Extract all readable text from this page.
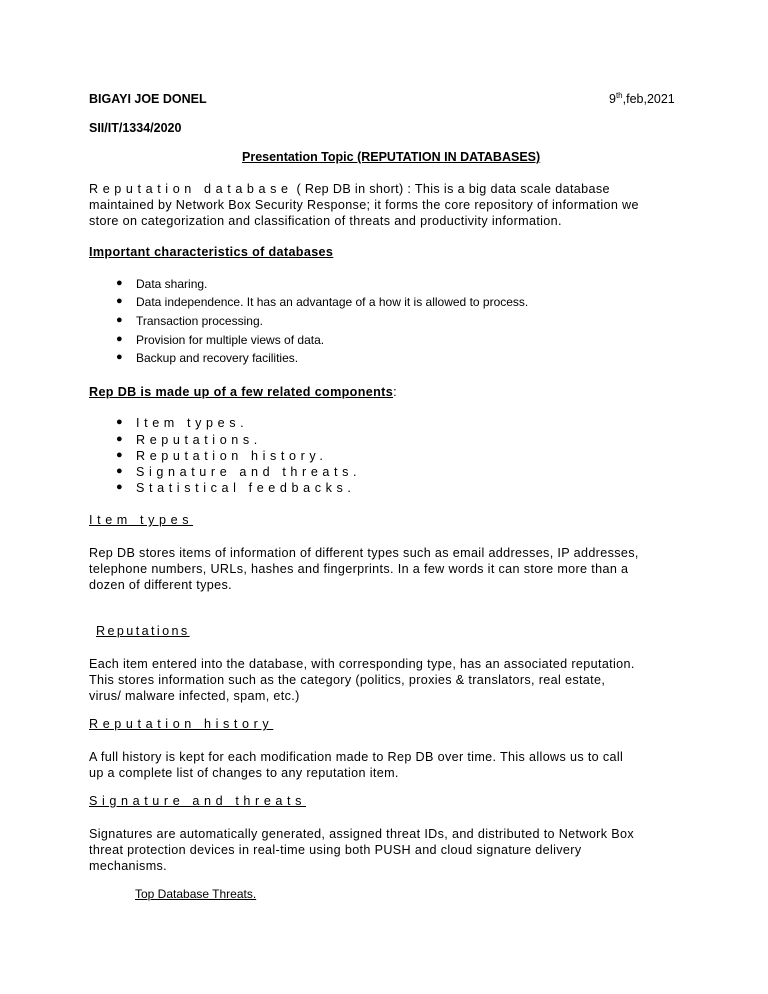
BIGAYI JOE DONEL	9th,feb,2021
SII/IT/1334/2020
Presentation Topic (REPUTATION IN DATABASES)
Reputation database ( Rep DB in short) : This is a big data scale database
maintained by Network Box Security Response; it forms the core repository of information we
store on categorization and classification of threats and productivity information.
Important characteristics of databases
● Data sharing.
● Data independence. It has an advantage of a how it is allowed to process.
● Transaction processing.
● Provision for multiple views of data.
● Backup and recovery facilities.
Rep DB is made up of a few related components:
● Item types.
● Reputations.
● Reputation history.
● Signature and threats.
● Statistical feedbacks.
Item types
Rep DB stores items of information of different types such as email addresses, IP addresses,
telephone numbers, URLs, hashes and fingerprints. In a few words it can store more than a
dozen of different types.
Reputations
Each item entered into the database, with corresponding type, has an associated reputation.
This stores information such as the category (politics, proxies & translators, real estate,
virus/ malware infected, spam, etc.)
Reputation history
A full history is kept for each modification made to Rep DB over time. This allows us to call
up a complete list of changes to any reputation item.
Signature and threats
Signatures are automatically generated, assigned threat IDs, and distributed to Network Box
threat protection devices in real-time using both PUSH and cloud signature delivery
mechanisms.
Top Database Threats.
